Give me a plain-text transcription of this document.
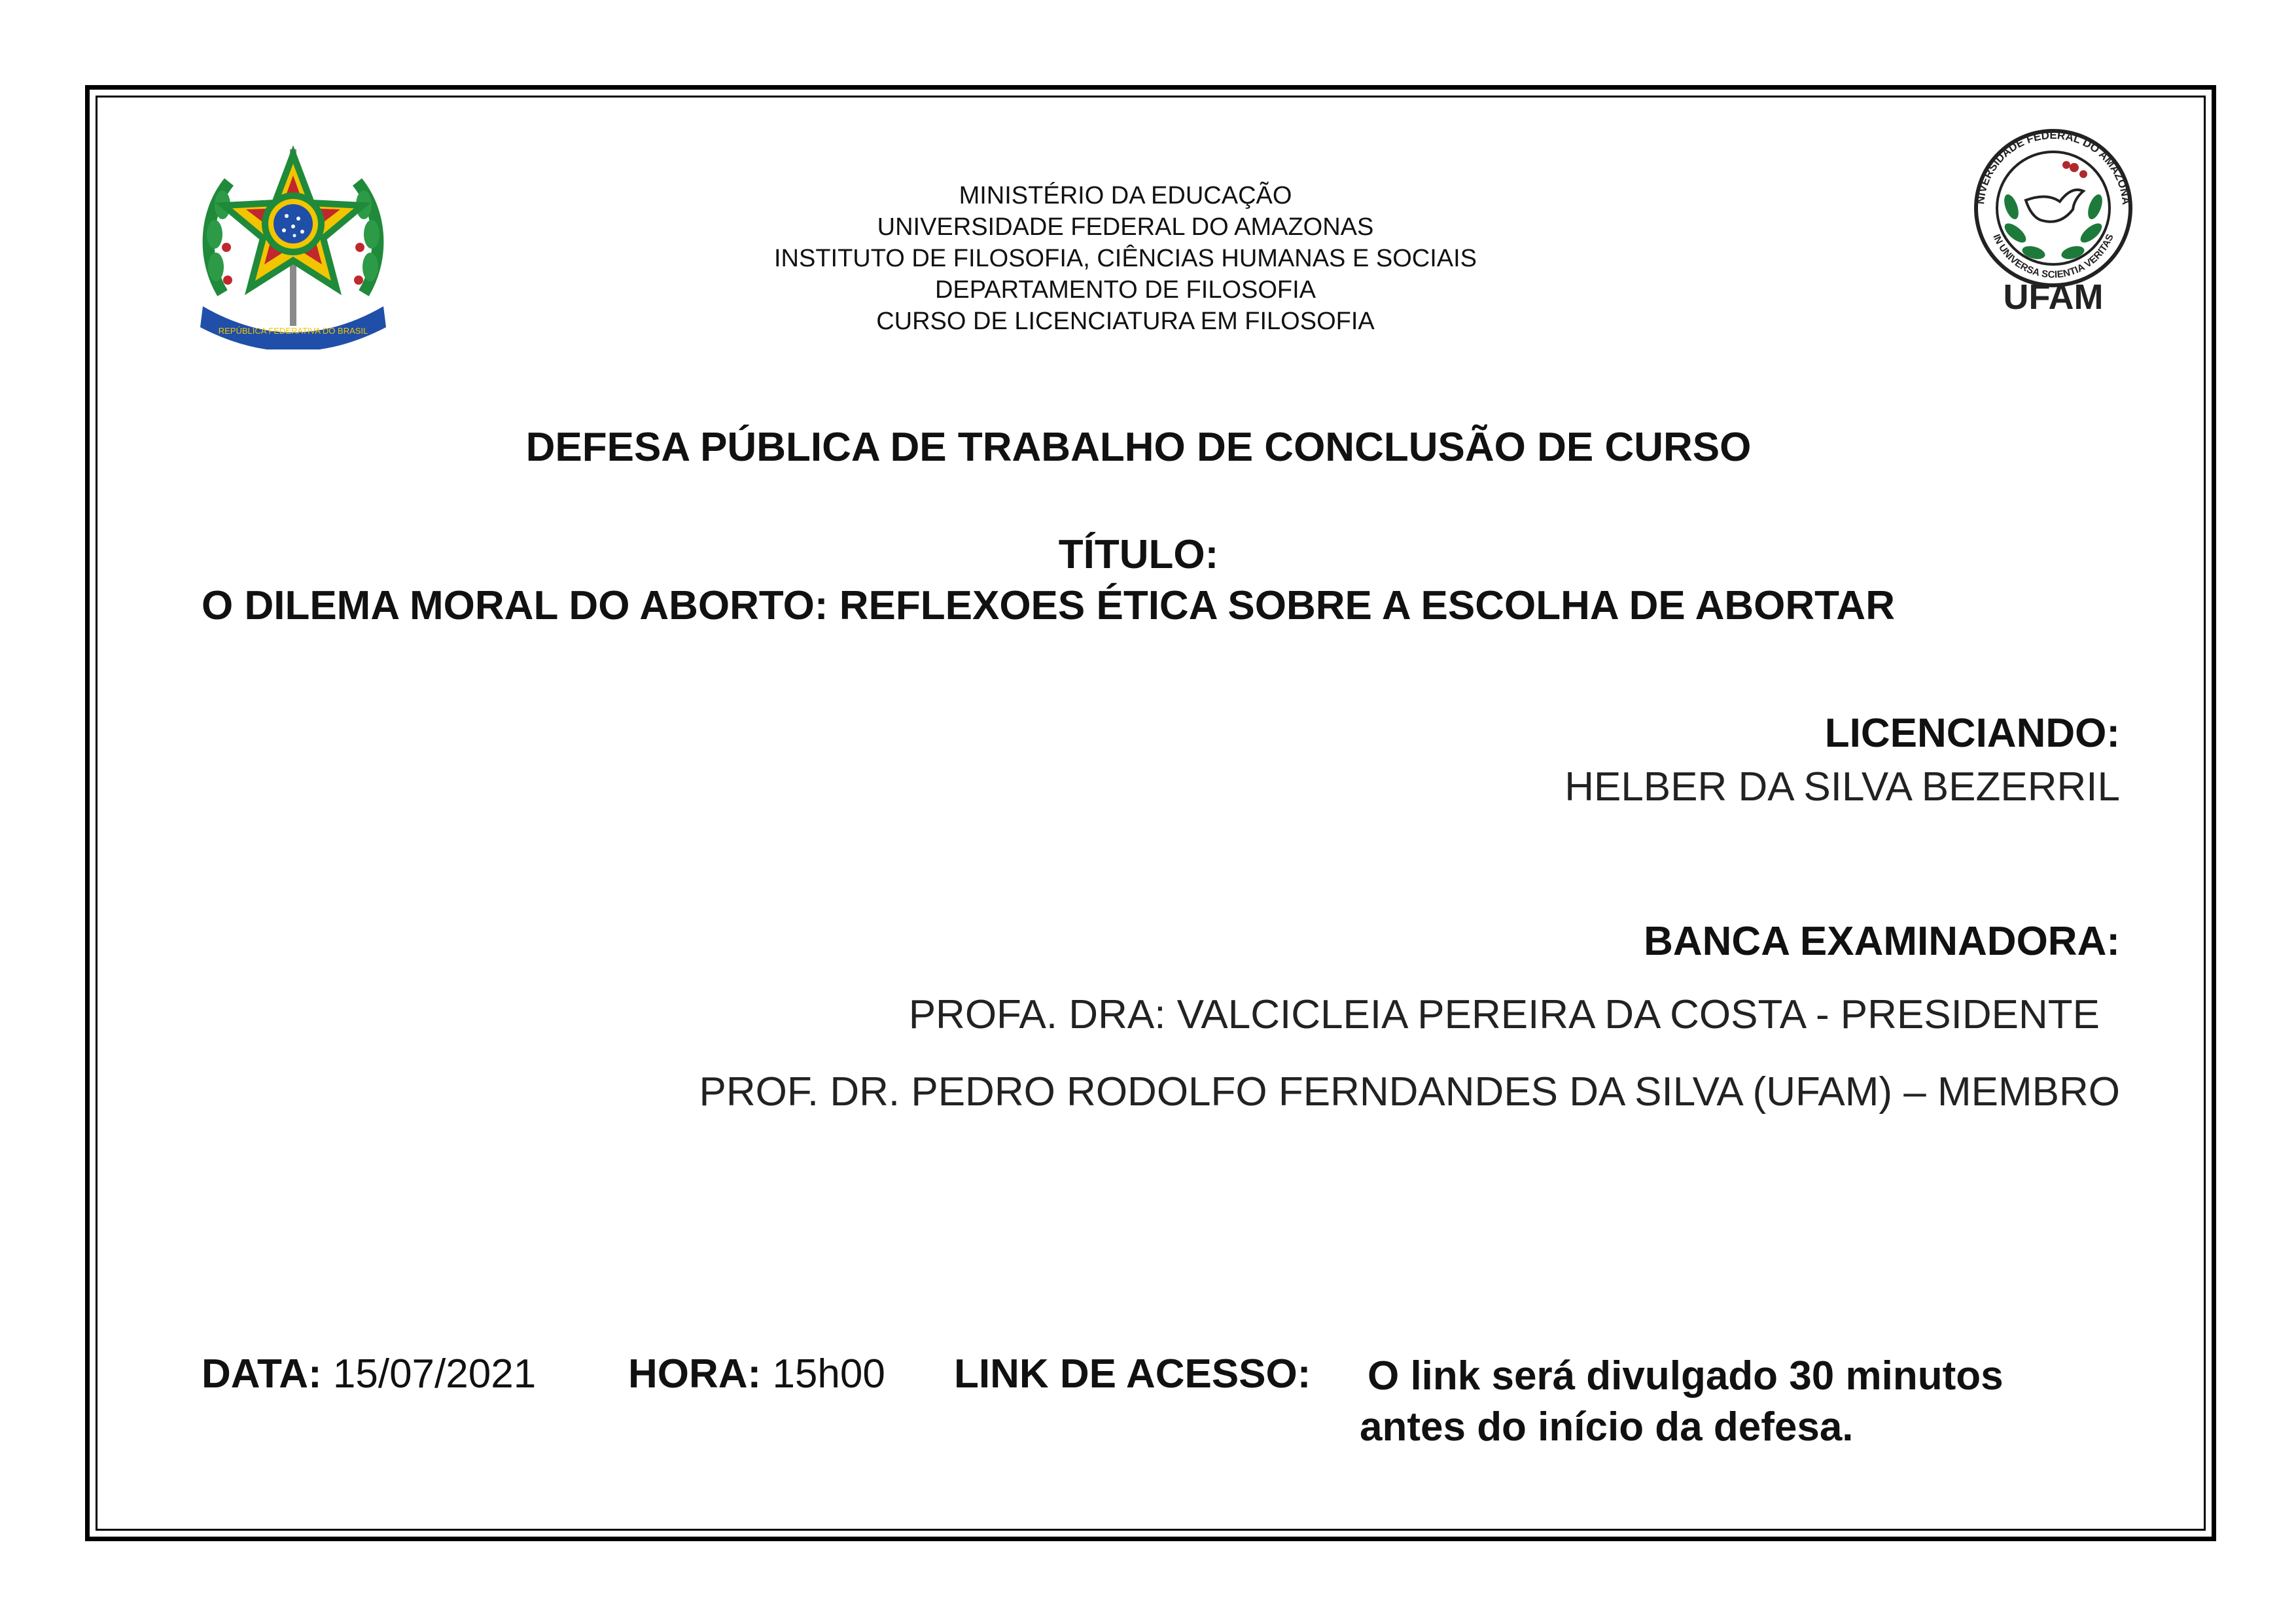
REPÚBLICA FEDERATIVA DO BRASIL
NIVERSIDADE FEDERAL DO AMAZONA
IN UNIVERSA SCIENTIA VERITAS
UFAM
MINISTÉRIO DA EDUCAÇÃO
UNIVERSIDADE FEDERAL DO AMAZONAS
INSTITUTO DE FILOSOFIA, CIÊNCIAS HUMANAS E SOCIAIS
DEPARTAMENTO DE FILOSOFIA
CURSO DE LICENCIATURA EM FILOSOFIA
DEFESA PÚBLICA DE TRABALHO DE CONCLUSÃO DE CURSO
TÍTULO:
O DILEMA MORAL DO ABORTO: REFLEXOES ÉTICA SOBRE A ESCOLHA DE ABORTAR
LICENCIANDO:
HELBER DA SILVA BEZERRIL
BANCA EXAMINADORA:
PROFA. DRA: VALCICLEIA PEREIRA DA COSTA - PRESIDENTE
PROF. DR. PEDRO RODOLFO FERNDANDES DA SILVA (UFAM) – MEMBRO
DATA: 15/07/2021 HORA: 15h00 LINK DE ACESSO: O link será divulgado 30 minutos
antes do início da defesa.
